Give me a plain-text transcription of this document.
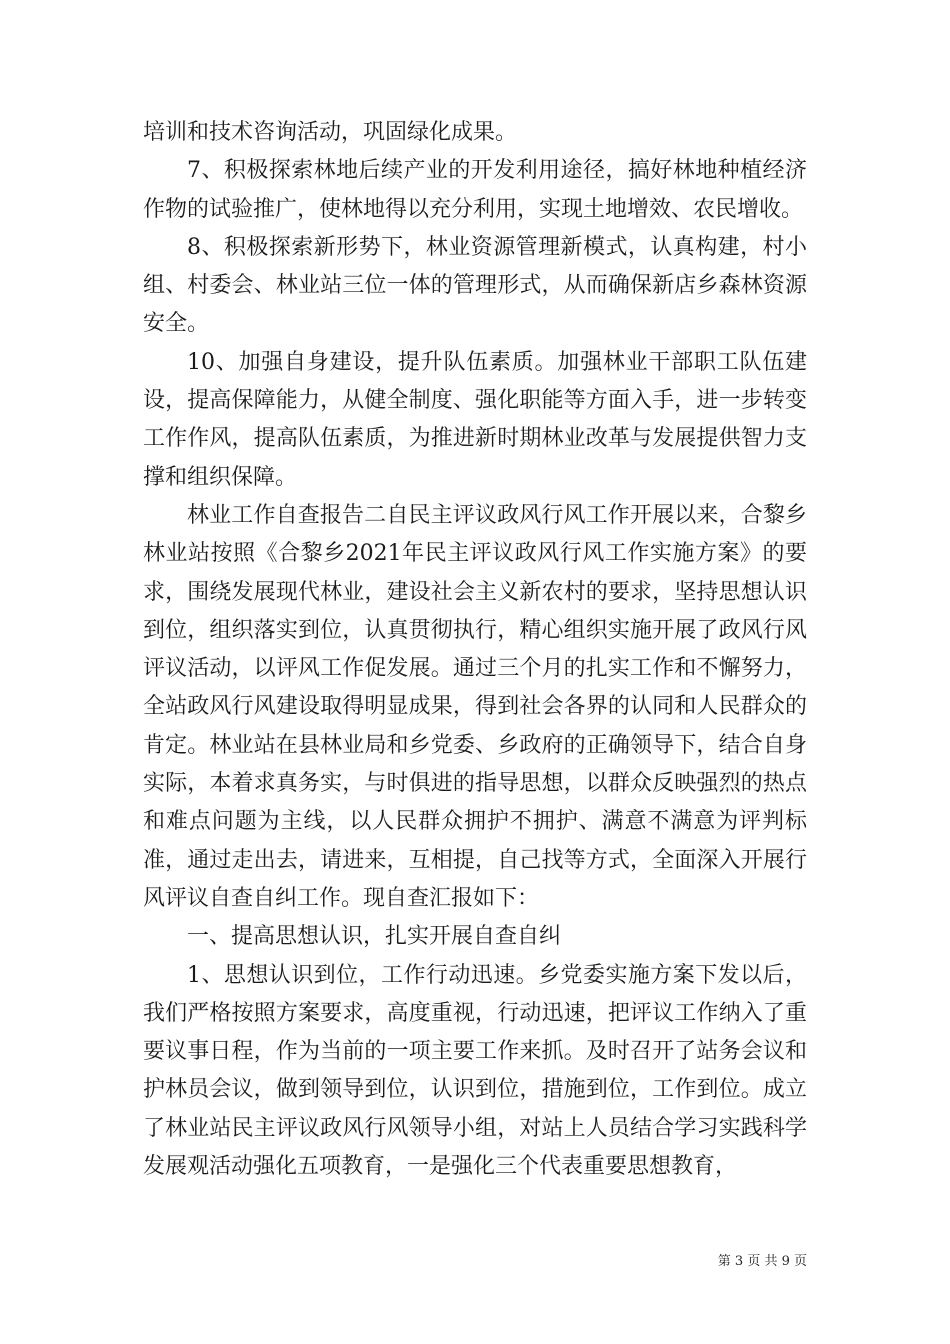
培训和技术咨询活动，巩固绿化成果。

7、积极探索林地后续产业的开发利用途径，搞好林地种植经济作物的试验推广，使林地得以充分利用，实现土地增效、农民增收。

8、积极探索新形势下，林业资源管理新模式，认真构建，村小组、村委会、林业站三位一体的管理形式，从而确保新店乡森林资源安全。

10、加强自身建设，提升队伍素质。加强林业干部职工队伍建设，提高保障能力，从健全制度、强化职能等方面入手，进一步转变工作作风，提高队伍素质，为推进新时期林业改革与发展提供智力支撑和组织保障。

林业工作自查报告二自民主评议政风行风工作开展以来，合黎乡林业站按照《合黎乡2021年民主评议政风行风工作实施方案》的要求，围绕发展现代林业，建设社会主义新农村的要求，坚持思想认识到位，组织落实到位，认真贯彻执行，精心组织实施开展了政风行风评议活动，以评风工作促发展。通过三个月的扎实工作和不懈努力，全站政风行风建设取得明显成果，得到社会各界的认同和人民群众的肯定。林业站在县林业局和乡党委、乡政府的正确领导下，结合自身实际，本着求真务实，与时俱进的指导思想，以群众反映强烈的热点和难点问题为主线，以人民群众拥护不拥护、满意不满意为评判标准，通过走出去，请进来，互相提，自己找等方式，全面深入开展行风评议自查自纠工作。现自查汇报如下：

一、提高思想认识，扎实开展自查自纠

1、思想认识到位，工作行动迅速。乡党委实施方案下发以后，我们严格按照方案要求，高度重视，行动迅速，把评议工作纳入了重要议事日程，作为当前的一项主要工作来抓。及时召开了站务会议和护林员会议，做到领导到位，认识到位，措施到位，工作到位。成立了林业站民主评议政风行风领导小组，对站上人员结合学习实践科学发展观活动强化五项教育，一是强化三个代表重要思想教育，

第 3 页 共 9 页
